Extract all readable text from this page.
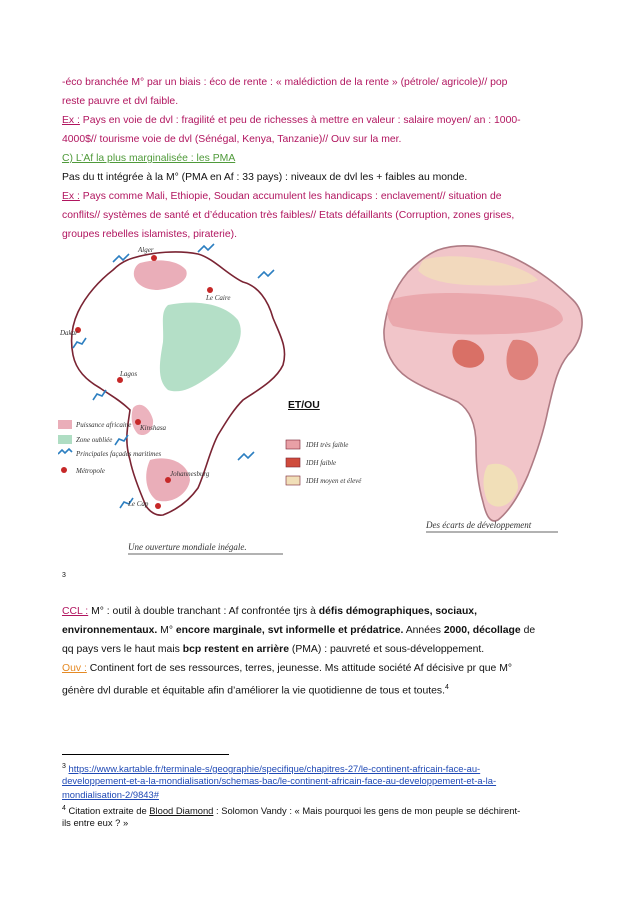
-éco branchée M° par un biais : éco de rente : « malédiction de la rente » (pétrole/ agricole)// pop
reste pauvre et dvl faible.
Ex : Pays en voie de dvl : fragilité et peu de richesses à mettre en valeur : salaire moyen/ an : 1000-
4000$// tourisme voie de dvl (Sénégal, Kenya, Tanzanie)// Ouv sur la mer.
C) L’Af la plus marginalisée : les PMA
Pas du tt intégrée à la M° (PMA en Af : 33 pays) : niveaux de dvl les + faibles au monde.
Ex : Pays comme Mali, Ethiopie, Soudan accumulent les handicaps : enclavement// situation de
conflits// systèmes de santé et d’éducation très faibles// Etats défaillants (Corruption, zones grises,
groupes rebelles islamistes, piraterie).
Alger
Le Caire
Dakar
Lagos
Kinshasa
Johannesburg
Le Cap
Puissance africaine
Zone oubliée
Principales façades maritimes
Métropole
Une ouverture mondiale inégale.
IDH très faible
IDH faible
IDH moyen et élevé
Des écarts de développement
ET/OU
3
CCL : M° : outil à double tranchant : Af confrontée tjrs à défis démographiques, sociaux,
environnementaux. M° encore marginale, svt informelle et prédatrice. Années 2000, décollage de
qq pays vers le haut mais bcp restent en arrière (PMA) : pauvreté et sous-développement.
Ouv : Continent fort de ses ressources, terres, jeunesse. Ms attitude société Af décisive pr que M°
génère dvl durable et équitable afin d’améliorer la vie quotidienne de tous et toutes.$^4$
$^3$ https://www.kartable.fr/terminale-s/geographie/specifique/chapitres-27/le-continent-africain-face-au-
developpement-et-a-la-mondialisation/schemas-bac/le-continent-africain-face-au-developpement-et-a-la-
mondialisation-2/9843#
$^4$ Citation extraite de Blood Diamond : Solomon Vandy : « Mais pourquoi les gens de mon peuple se déchirent-
ils entre eux ? »
